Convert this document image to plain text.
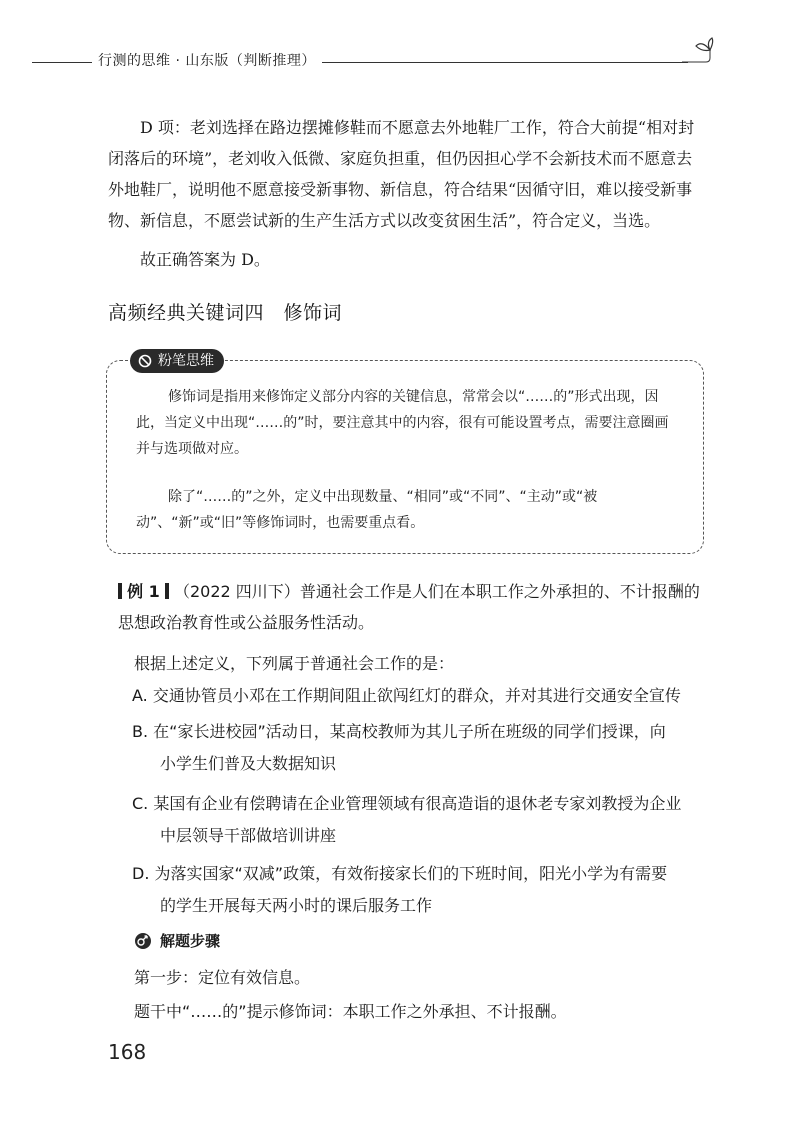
行测的思维 · 山东版（判断推理）
D 项：老刘选择在路边摆摊修鞋而不愿意去外地鞋厂工作，符合大前提“相对封闭落后的环境”，老刘收入低微、家庭负担重，但仍因担心学不会新技术而不愿意去外地鞋厂，说明他不愿意接受新事物、新信息，符合结果“因循守旧，难以接受新事物、新信息，不愿尝试新的生产生活方式以改变贫困生活”，符合定义，当选。
故正确答案为 D。
高频经典关键词四　修饰词
粉笔思维
修饰词是指用来修饰定义部分内容的关键信息，常常会以“……的”形式出现，因此，当定义中出现“……的”时，要注意其中的内容，很有可能设置考点，需要注意圈画并与选项做对应。
除了“……的”之外，定义中出现数量、“相同”或“不同”、“主动”或“被动”、“新”或“旧”等修饰词时，也需要重点看。
例 1 （2022 四川下）普通社会工作是人们在本职工作之外承担的、不计报酬的思想政治教育性或公益服务性活动。
根据上述定义，下列属于普通社会工作的是：
A. 交通协管员小邓在工作期间阻止欲闯红灯的群众，并对其进行交通安全宣传
B. 在“家长进校园”活动日，某高校教师为其儿子所在班级的同学们授课，向
小学生们普及大数据知识
C. 某国有企业有偿聘请在企业管理领域有很高造诣的退休老专家刘教授为企业
中层领导干部做培训讲座
D. 为落实国家“双减”政策，有效衔接家长们的下班时间，阳光小学为有需要
的学生开展每天两小时的课后服务工作
解题步骤
第一步：定位有效信息。
题干中“……的”提示修饰词：本职工作之外承担、不计报酬。
168
